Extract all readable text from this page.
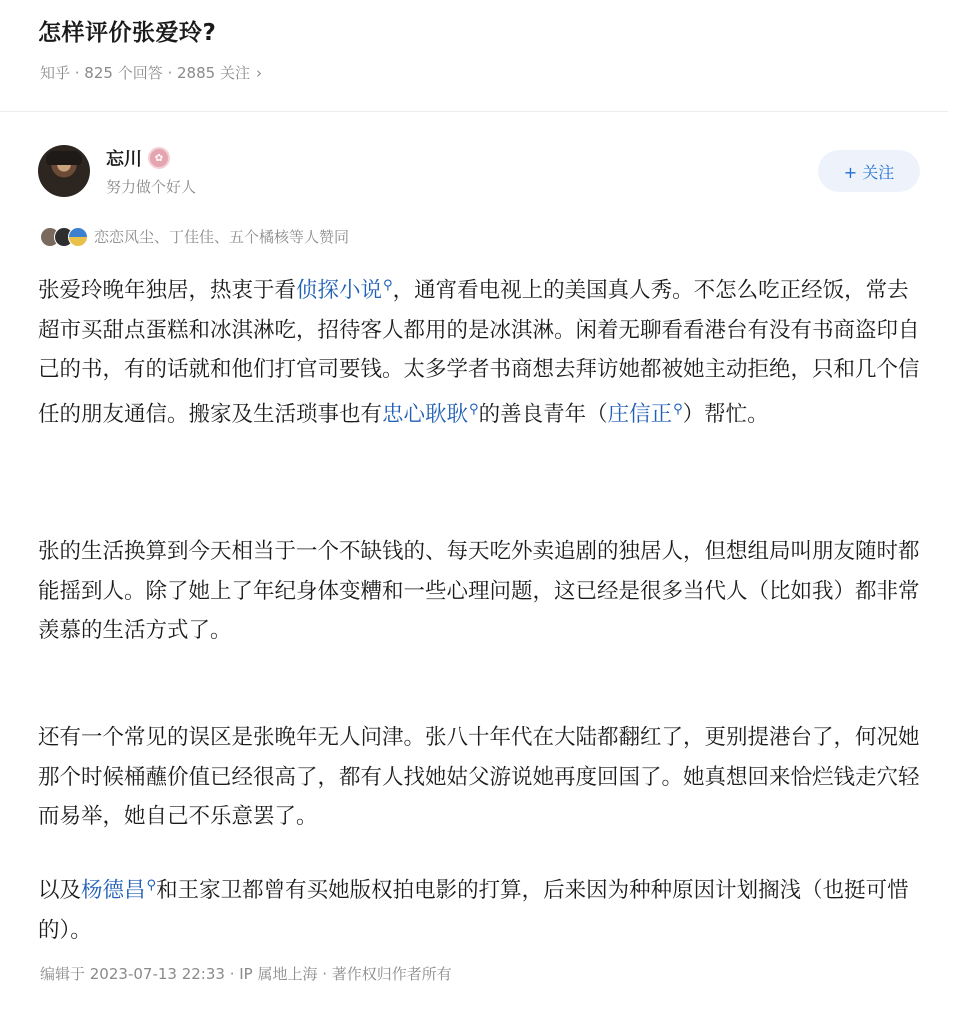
怎样评价张爱玲?
知乎 · 825 个回答 · 2885 关注 ›
忘川	✿
努力做个好人
+ 关注
恋恋风尘、丁佳佳、五个橘核等人赞同

张爱玲晚年独居，热衷于看侦探小说⚲，通宵看电视上的美国真人秀。不怎么吃正经饭，常去超市买甜点蛋糕和冰淇淋吃，招待客人都用的是冰淇淋。闲着无聊看看港台有没有书商盗印自己的书，有的话就和他们打官司要钱。太多学者书商想去拜访她都被她主动拒绝，只和几个信任的朋友通信。搬家及生活琐事也有忠心耿耿⚲的善良青年（庄信正⚲）帮忙。

张的生活换算到今天相当于一个不缺钱的、每天吃外卖追剧的独居人，但想组局叫朋友随时都能摇到人。除了她上了年纪身体变糟和一些心理问题，这已经是很多当代人（比如我）都非常羡慕的生活方式了。

还有一个常见的误区是张晚年无人问津。张八十年代在大陆都翻红了，更别提港台了，何况她那个时候桶蘸价值已经很高了，都有人找她姑父游说她再度回国了。她真想回来恰烂钱走穴轻而易举，她自己不乐意罢了。

以及杨德昌⚲和王家卫都曾有买她版权拍电影的打算，后来因为种种原因计划搁浅（也挺可惜的）。

编辑于 2023-07-13 22:33 · IP 属地上海 · 著作权归作者所有
